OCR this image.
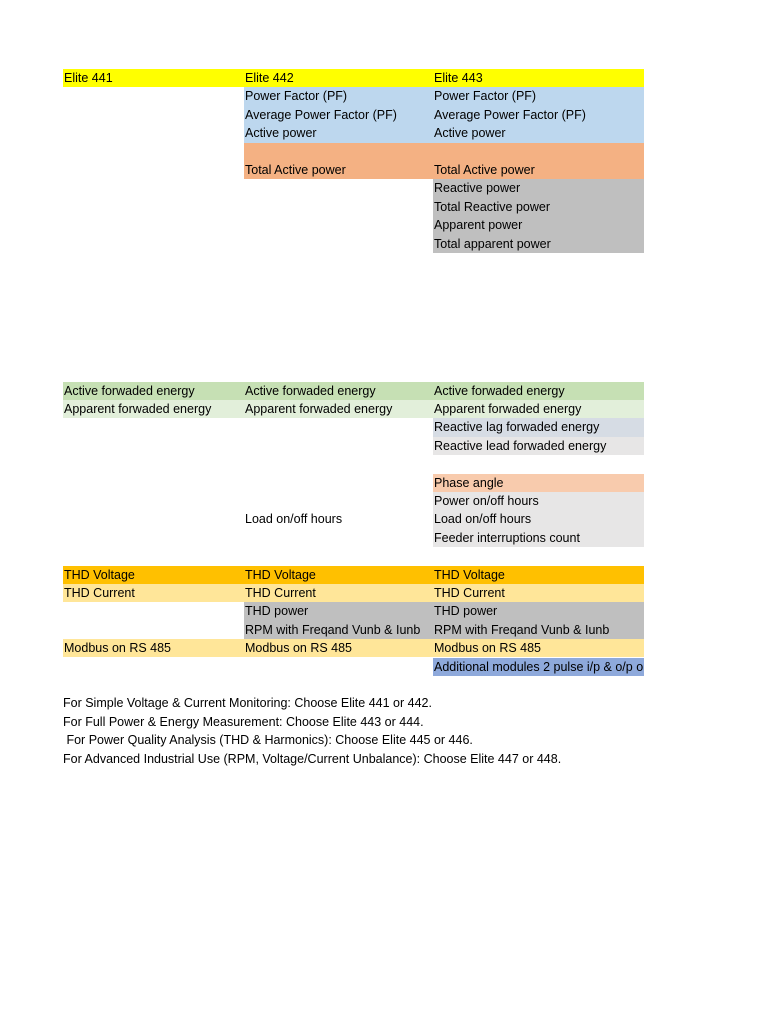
Elite 441	Elite 442	Elite 443
Power Factor (PF)
Average Power Factor (PF)
Active power
Total Active power
Power Factor (PF)
Average Power Factor (PF)
Active power
Total Active power
Reactive power
Total Reactive power
Apparent power
Total apparent power
Active forwaded energy
Apparent forwaded energy
Active forwaded energy
Apparent forwaded energy
Load on/off hours
Active forwaded energy
Apparent forwaded energy
Reactive lag forwaded energy
Reactive lead forwaded energy
Phase angle
Power on/off hours
Load on/off hours
Feeder interruptions count
THD Voltage
THD Current
Modbus on RS 485
THD Voltage
THD Current
THD power
RPM with Freqand Vunb & Iunb
Modbus on RS 485
THD Voltage
THD Current
THD power
RPM with Freqand Vunb & Iunb
Modbus on RS 485
Additional modules 2 pulse i/p & o/p o
For Simple Voltage & Current Monitoring: Choose Elite 441 or 442.
For Full Power & Energy Measurement: Choose Elite 443 or 444.
For Power Quality Analysis (THD & Harmonics): Choose Elite 445 or 446.
For Advanced Industrial Use (RPM, Voltage/Current Unbalance): Choose Elite 447 or 448.
